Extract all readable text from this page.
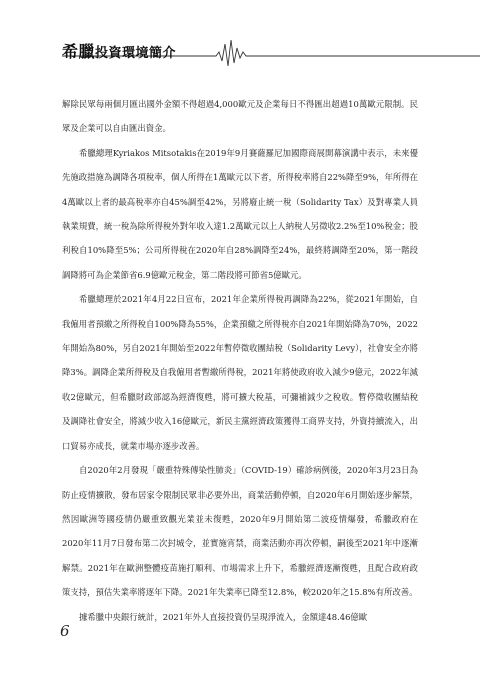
希臘投資環境簡介

解除民眾每兩個月匯出國外金額不得超過4,000歐元及企業每日不得匯出超過10萬歐元限制。民眾及企業可以自由匯出資金。

希臘總理Kyriakos Mitsotakis在2019年9月賽薩羅尼加國際商展開幕演講中表示，未來優先施政措施為調降各項稅率，個人所得在1萬歐元以下者，所得稅率將自22%降至9%，年所得在4萬歐以上者的最高稅率亦自45%調至42%，另將廢止統一稅（Solidarity Tax）及對專業人員執業規費，統一稅為除所得稅外對年收入達1.2萬歐元以上人納稅人另徵收2.2%至10%稅金；股利稅自10%降至5%；公司所得稅在2020年自28%調降至24%，最終將調降至20%，第一階段調降將可為企業節省6.9億歐元稅金，第二階段將可節省5億歐元。

希臘總理於2021年4月22日宣布，2021年企業所得稅再調降為22%，從2021年開始，自我僱用者預繳之所得稅自100%降為55%，企業預繳之所得稅亦自2021年開始降為70%，2022年開始為80%，另自2021年開始至2022年暫停徵收團結稅（Solidarity Levy），社會安全亦將降3%。調降企業所得稅及自我僱用者暫繳所得稅，2021年將使政府收入減少9億元，2022年減收2億歐元，但希臘財政部認為經濟復甦，將可擴大稅基，可彌補減少之稅收。暫停徵收團結稅及調降社會安全，將減少收入16億歐元，新民主黨經濟政策獲得工商界支持，外資持續流入，出口貿易亦成長，就業市場亦逐步改善。

自2020年2月發現「嚴重特殊傳染性肺炎」（COVID-19）確診病例後，2020年3月23日為防止疫情擴散，發布居家令限制民眾非必要外出，商業活動停頓，自2020年6月開始逐步解禁，然因歐洲等國疫情仍嚴重致觀光業並未復甦，2020年9月開始第二波疫情爆發，希臘政府在2020年11月7日發布第二次封城令，並實施宵禁，商業活動亦再次停頓，嗣後至2021年中逐漸解禁。2021年在歐洲整體疫苗施打順利、市場需求上升下，希臘經濟逐漸復甦，且配合政府政策支持，預估失業率將逐年下降。2021年失業率已降至12.8%，較2020年之15.8%有所改善。

據希臘中央銀行統計，2021年外人直接投資仍呈現淨流入，金額達48.46億歐

6
